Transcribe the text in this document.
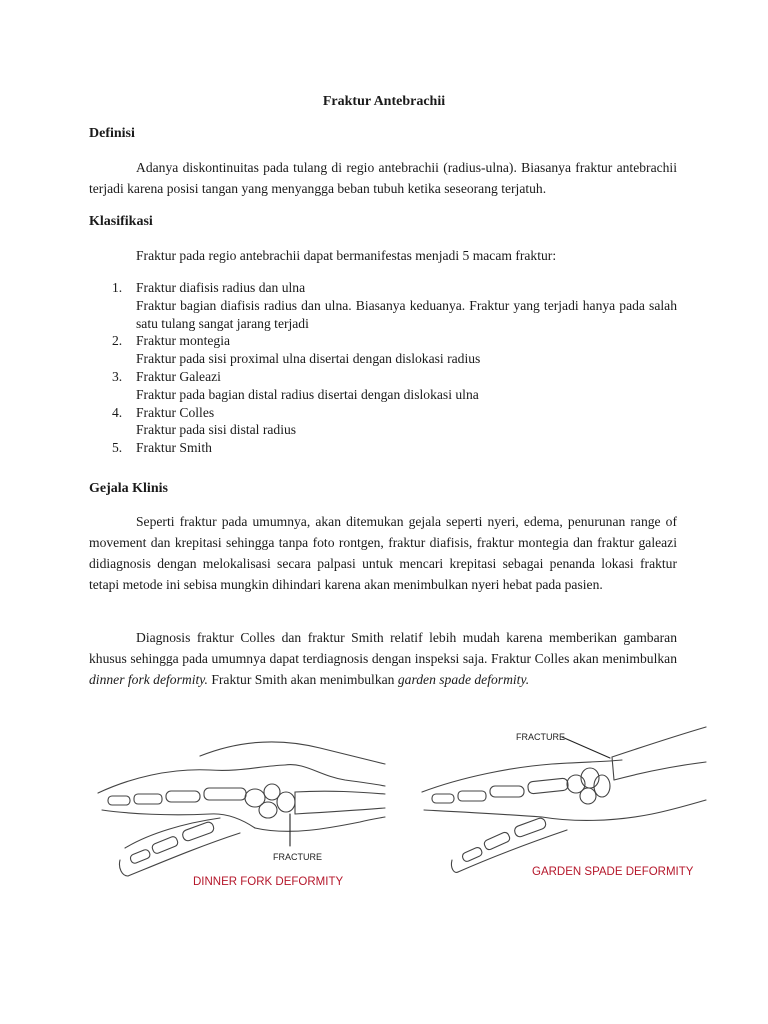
Fraktur Antebrachii
Definisi
Adanya diskontinuitas pada tulang di regio antebrachii (radius-ulna). Biasanya fraktur antebrachii terjadi karena posisi tangan yang menyangga beban tubuh ketika seseorang terjatuh.
Klasifikasi
Fraktur pada regio antebrachii dapat bermanifestas menjadi 5 macam fraktur:
1. Fraktur diafisis radius dan ulna
Fraktur bagian diafisis radius dan ulna. Biasanya keduanya. Fraktur yang terjadi hanya pada salah satu tulang sangat jarang terjadi
2. Fraktur montegia
Fraktur pada sisi proximal ulna disertai dengan dislokasi radius
3. Fraktur Galeazi
Fraktur pada bagian distal radius disertai dengan dislokasi ulna
4. Fraktur Colles
Fraktur pada sisi distal radius
5. Fraktur Smith
Gejala Klinis
Seperti fraktur pada umumnya, akan ditemukan gejala seperti nyeri, edema, penurunan range of movement dan krepitasi sehingga tanpa foto rontgen, fraktur diafisis, fraktur montegia dan fraktur galeazi didiagnosis dengan melokalisasi secara palpasi untuk mencari krepitasi sebagai penanda lokasi fraktur tetapi metode ini sebisa mungkin dihindari karena akan menimbulkan nyeri hebat pada pasien.
Diagnosis fraktur Colles dan fraktur Smith relatif lebih mudah karena memberikan gambaran khusus sehingga pada umumnya dapat terdiagnosis dengan inspeksi saja. Fraktur Colles akan menimbulkan dinner fork deformity. Fraktur Smith akan menimbulkan garden spade deformity.
FRACTURE
DINNER FORK DEFORMITY
FRACTURE
GARDEN SPADE DEFORMITY
